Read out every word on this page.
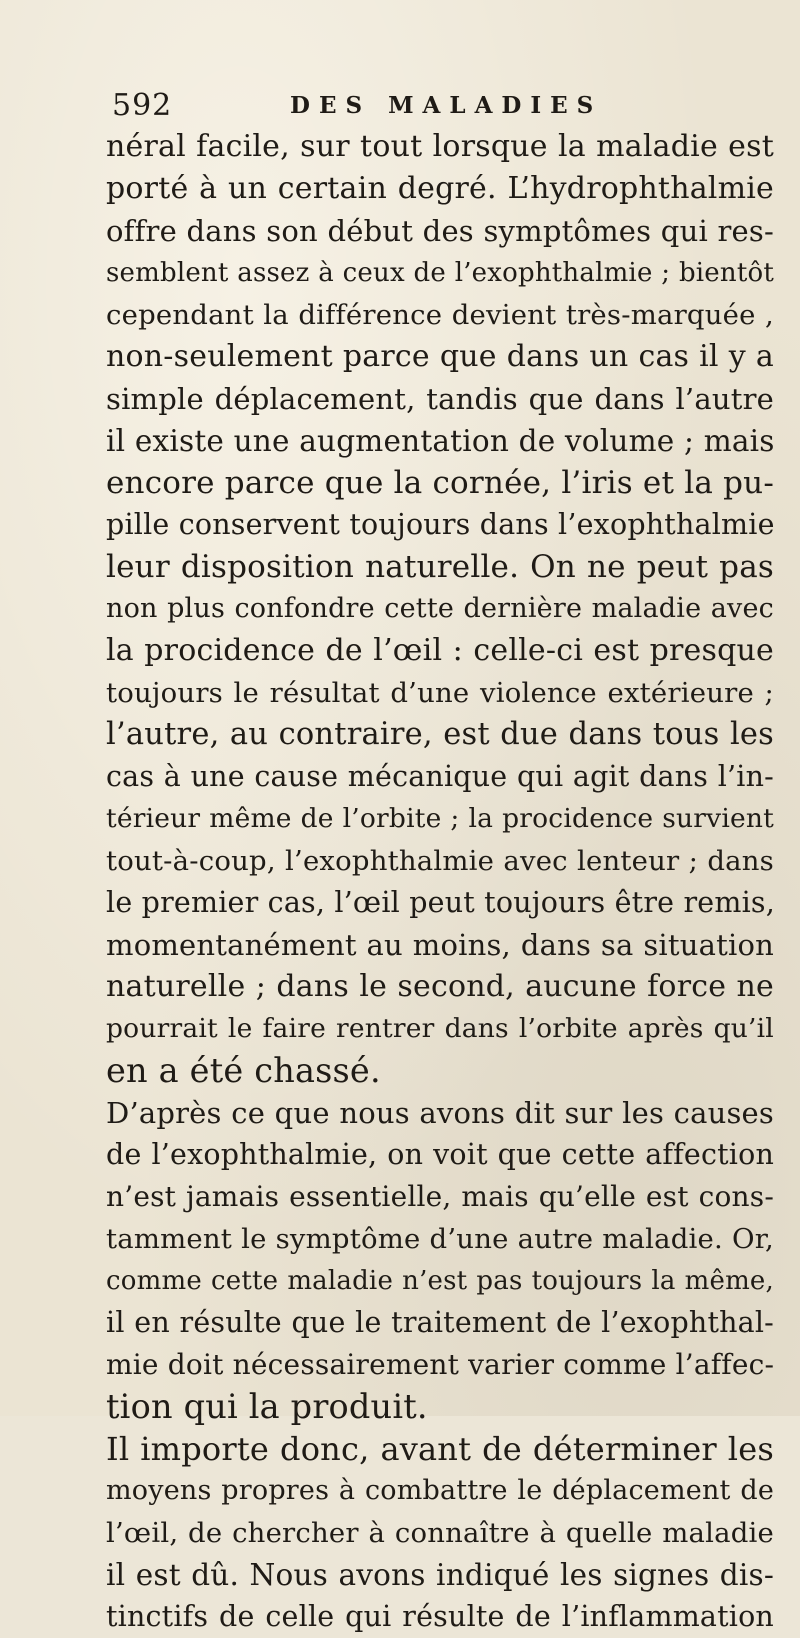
592	DES MALADIES
néral facile, sur tout lorsque la maladie est
porté à un certain degré. L’hydrophthalmie
offre dans son début des symptômes qui res-
semblent assez à ceux de l’exophthalmie ; bientôt
cependant la différence devient très-marquée ,
non-seulement parce que dans un cas il y a
simple déplacement, tandis que dans l’autre
il existe une augmentation de volume ; mais
encore parce que la cornée, l’iris et la pu-
pille conservent toujours dans l’exophthalmie
leur disposition naturelle. On ne peut pas
non plus confondre cette dernière maladie avec
la procidence de l’œil : celle-ci est presque
toujours le résultat d’une violence extérieure ;
l’autre, au contraire, est due dans tous les
cas à une cause mécanique qui agit dans l’in-
térieur même de l’orbite ; la procidence survient
tout-à-coup, l’exophthalmie avec lenteur ; dans
le premier cas, l’œil peut toujours être remis,
momentanément au moins, dans sa situation
naturelle ; dans le second, aucune force ne
pourrait le faire rentrer dans l’orbite après qu’il
en a été chassé.
D’après ce que nous avons dit sur les causes
de l’exophthalmie, on voit que cette affection
n’est jamais essentielle, mais qu’elle est cons-
tamment le symptôme d’une autre maladie. Or,
comme cette maladie n’est pas toujours la même,
il en résulte que le traitement de l’exophthal-
mie doit nécessairement varier comme l’affec-
tion qui la produit.
Il importe donc, avant de déterminer les
moyens propres à combattre le déplacement de
l’œil, de chercher à connaître à quelle maladie
il est dû. Nous avons indiqué les signes dis-
tinctifs de celle qui résulte de l’inflammation
